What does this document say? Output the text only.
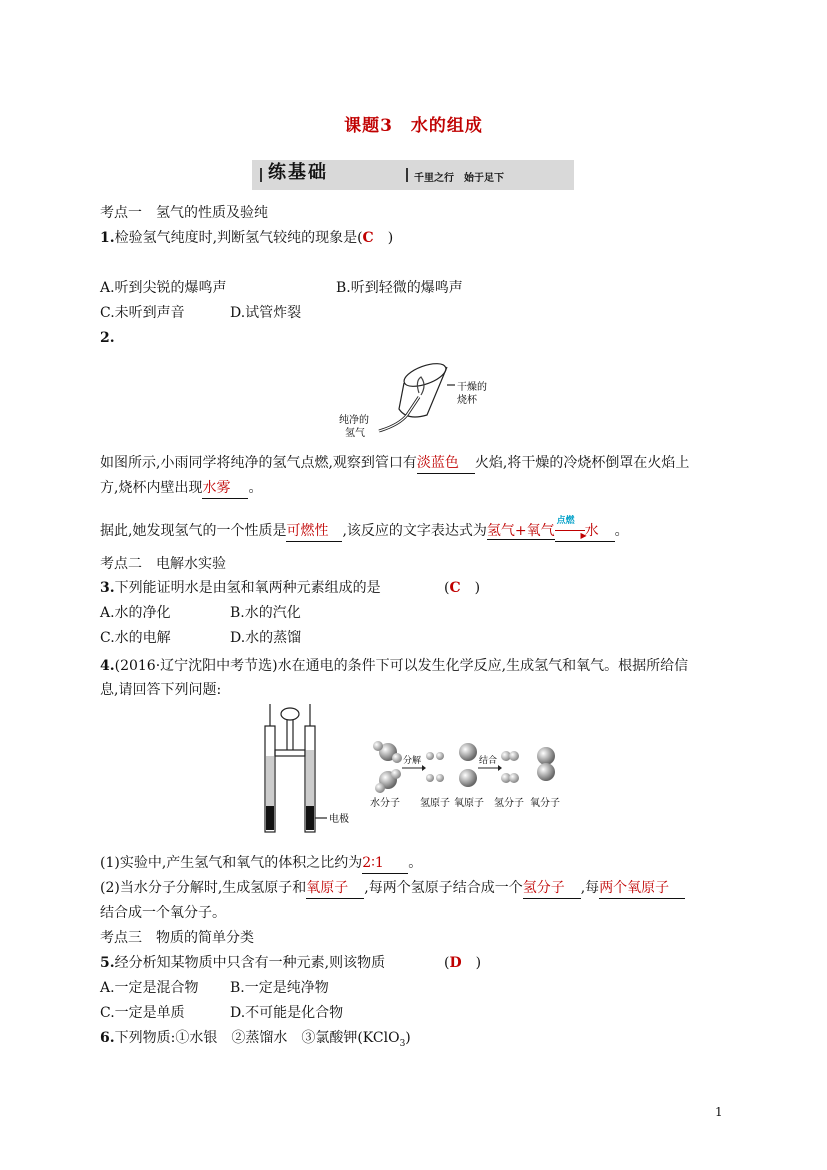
课题3　水的组成
练基础	千里之行　始于足下
考点一　氢气的性质及验纯
1.检验氢气纯度时,判断氢气较纯的现象是(C   )
A.听到尖锐的爆鸣声	B.听到轻微的爆鸣声
C.未听到声音	D.试管炸裂
2.
干燥的
烧杯
纯净的
氢气
如图所示,小雨同学将纯净的氢气点燃,观察到管口有淡蓝色 火焰,将干燥的冷烧杯倒罩在火焰上
方,烧杯内壁出现水雾 。
据此,她发现氢气的一个性质是可燃性 ,该反应的文字表达式为氢气+氧气
点燃
▶
水 。
考点二　电解水实验
3.下列能证明水是由氢和氧两种元素组成的是	(C   )
A.水的净化	B.水的汽化
C.水的电解	D.水的蒸馏
4.(2016·辽宁沈阳中考节选)水在通电的条件下可以发生化学反应,生成氢气和氧气。根据所给信
息,请回答下列问题:
电极
分解	结合
水分子 氢原子 氧原子 氢分子 氧分子
(1)实验中,产生氢气和氧气的体积之比约为2∶1 。
(2)当水分子分解时,生成氢原子和氧原子 ,每两个氢原子结合成一个氢分子 ,每两个氧原子
结合成一个氧分子。
考点三　物质的简单分类
5.经分析知某物质中只含有一种元素,则该物质	(D   )
A.一定是混合物 B.一定是纯净物
C.一定是单质	D.不可能是化合物
6.下列物质:①水银　②蒸馏水　③氯酸钾(KClO$_3$)
1
